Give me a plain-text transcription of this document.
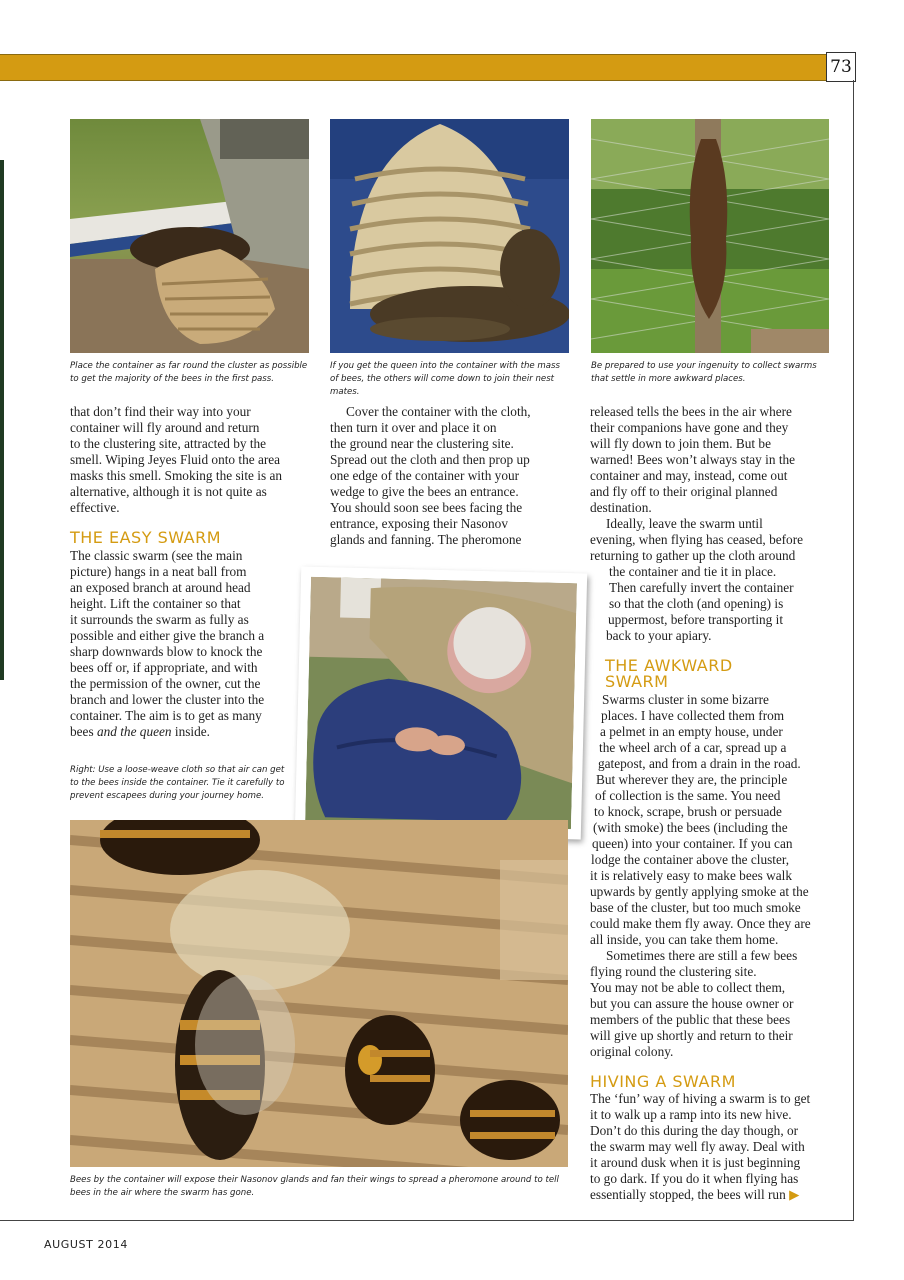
73
Place the container as far round the cluster as possible to get the majority of the bees in the first pass.
If you get the queen into the container with the mass of bees, the others will come down to join their nest mates.
Be prepared to use your ingenuity to collect swarms that settle in more awkward places.
that don’t find their way into your
container will fly around and return
to the clustering site, attracted by the
smell. Wiping Jeyes Fluid onto the area
masks this smell. Smoking the site is an
alternative, although it is not quite as
effective.
THE EASY SWARM
The classic swarm (see the main
picture) hangs in a neat ball from
an exposed branch at around head
height. Lift the container so that
it surrounds the swarm as fully as
possible and either give the branch a
sharp downwards blow to knock the
bees off or, if appropriate, and with
the permission of the owner, cut the
branch and lower the cluster into the
container. The aim is to get as many
bees and the queen inside.
Right: Use a loose-weave cloth so that air can get to the bees inside the container. Tie it carefully to prevent escapees during your journey home.
Cover the container with the cloth,
then turn it over and place it on
the ground near the clustering site.
Spread out the cloth and then prop up
one edge of the container with your
wedge to give the bees an entrance.
You should soon see bees facing the
entrance, exposing their Nasonov
glands and fanning. The pheromone
Bees by the container will expose their Nasonov glands and fan their wings to spread a pheromone around to tell bees in the air where the swarm has gone.
released tells the bees in the air where
their companions have gone and they
will fly down to join them. But be
warned! Bees won’t always stay in the
container and may, instead, come out
and fly off to their original planned
destination.
Ideally, leave the swarm until
evening, when flying has ceased, before
returning to gather up the cloth around
the container and tie it in place.
Then carefully invert the container
so that the cloth (and opening) is
uppermost, before transporting it
back to your apiary.
THE AWKWARD
SWARM
Swarms cluster in some bizarre
places. I have collected them from
a pelmet in an empty house, under
the wheel arch of a car, spread up a
gatepost, and from a drain in the road.
But wherever they are, the principle
of collection is the same. You need
to knock, scrape, brush or persuade
(with smoke) the bees (including the
queen) into your container. If you can
lodge the container above the cluster,
it is relatively easy to make bees walk
upwards by gently applying smoke at the
base of the cluster, but too much smoke
could make them fly away. Once they are
all inside, you can take them home.
Sometimes there are still a few bees
flying round the clustering site.
You may not be able to collect them,
but you can assure the house owner or
members of the public that these bees
will give up shortly and return to their
original colony.
HIVING A SWARM
The ‘fun’ way of hiving a swarm is to get
it to walk up a ramp into its new hive.
Don’t do this during the day though, or
the swarm may well fly away. Deal with
it around dusk when it is just beginning
to go dark. If you do it when flying has
essentially stopped, the bees will run ▶
AUGUST 2014
